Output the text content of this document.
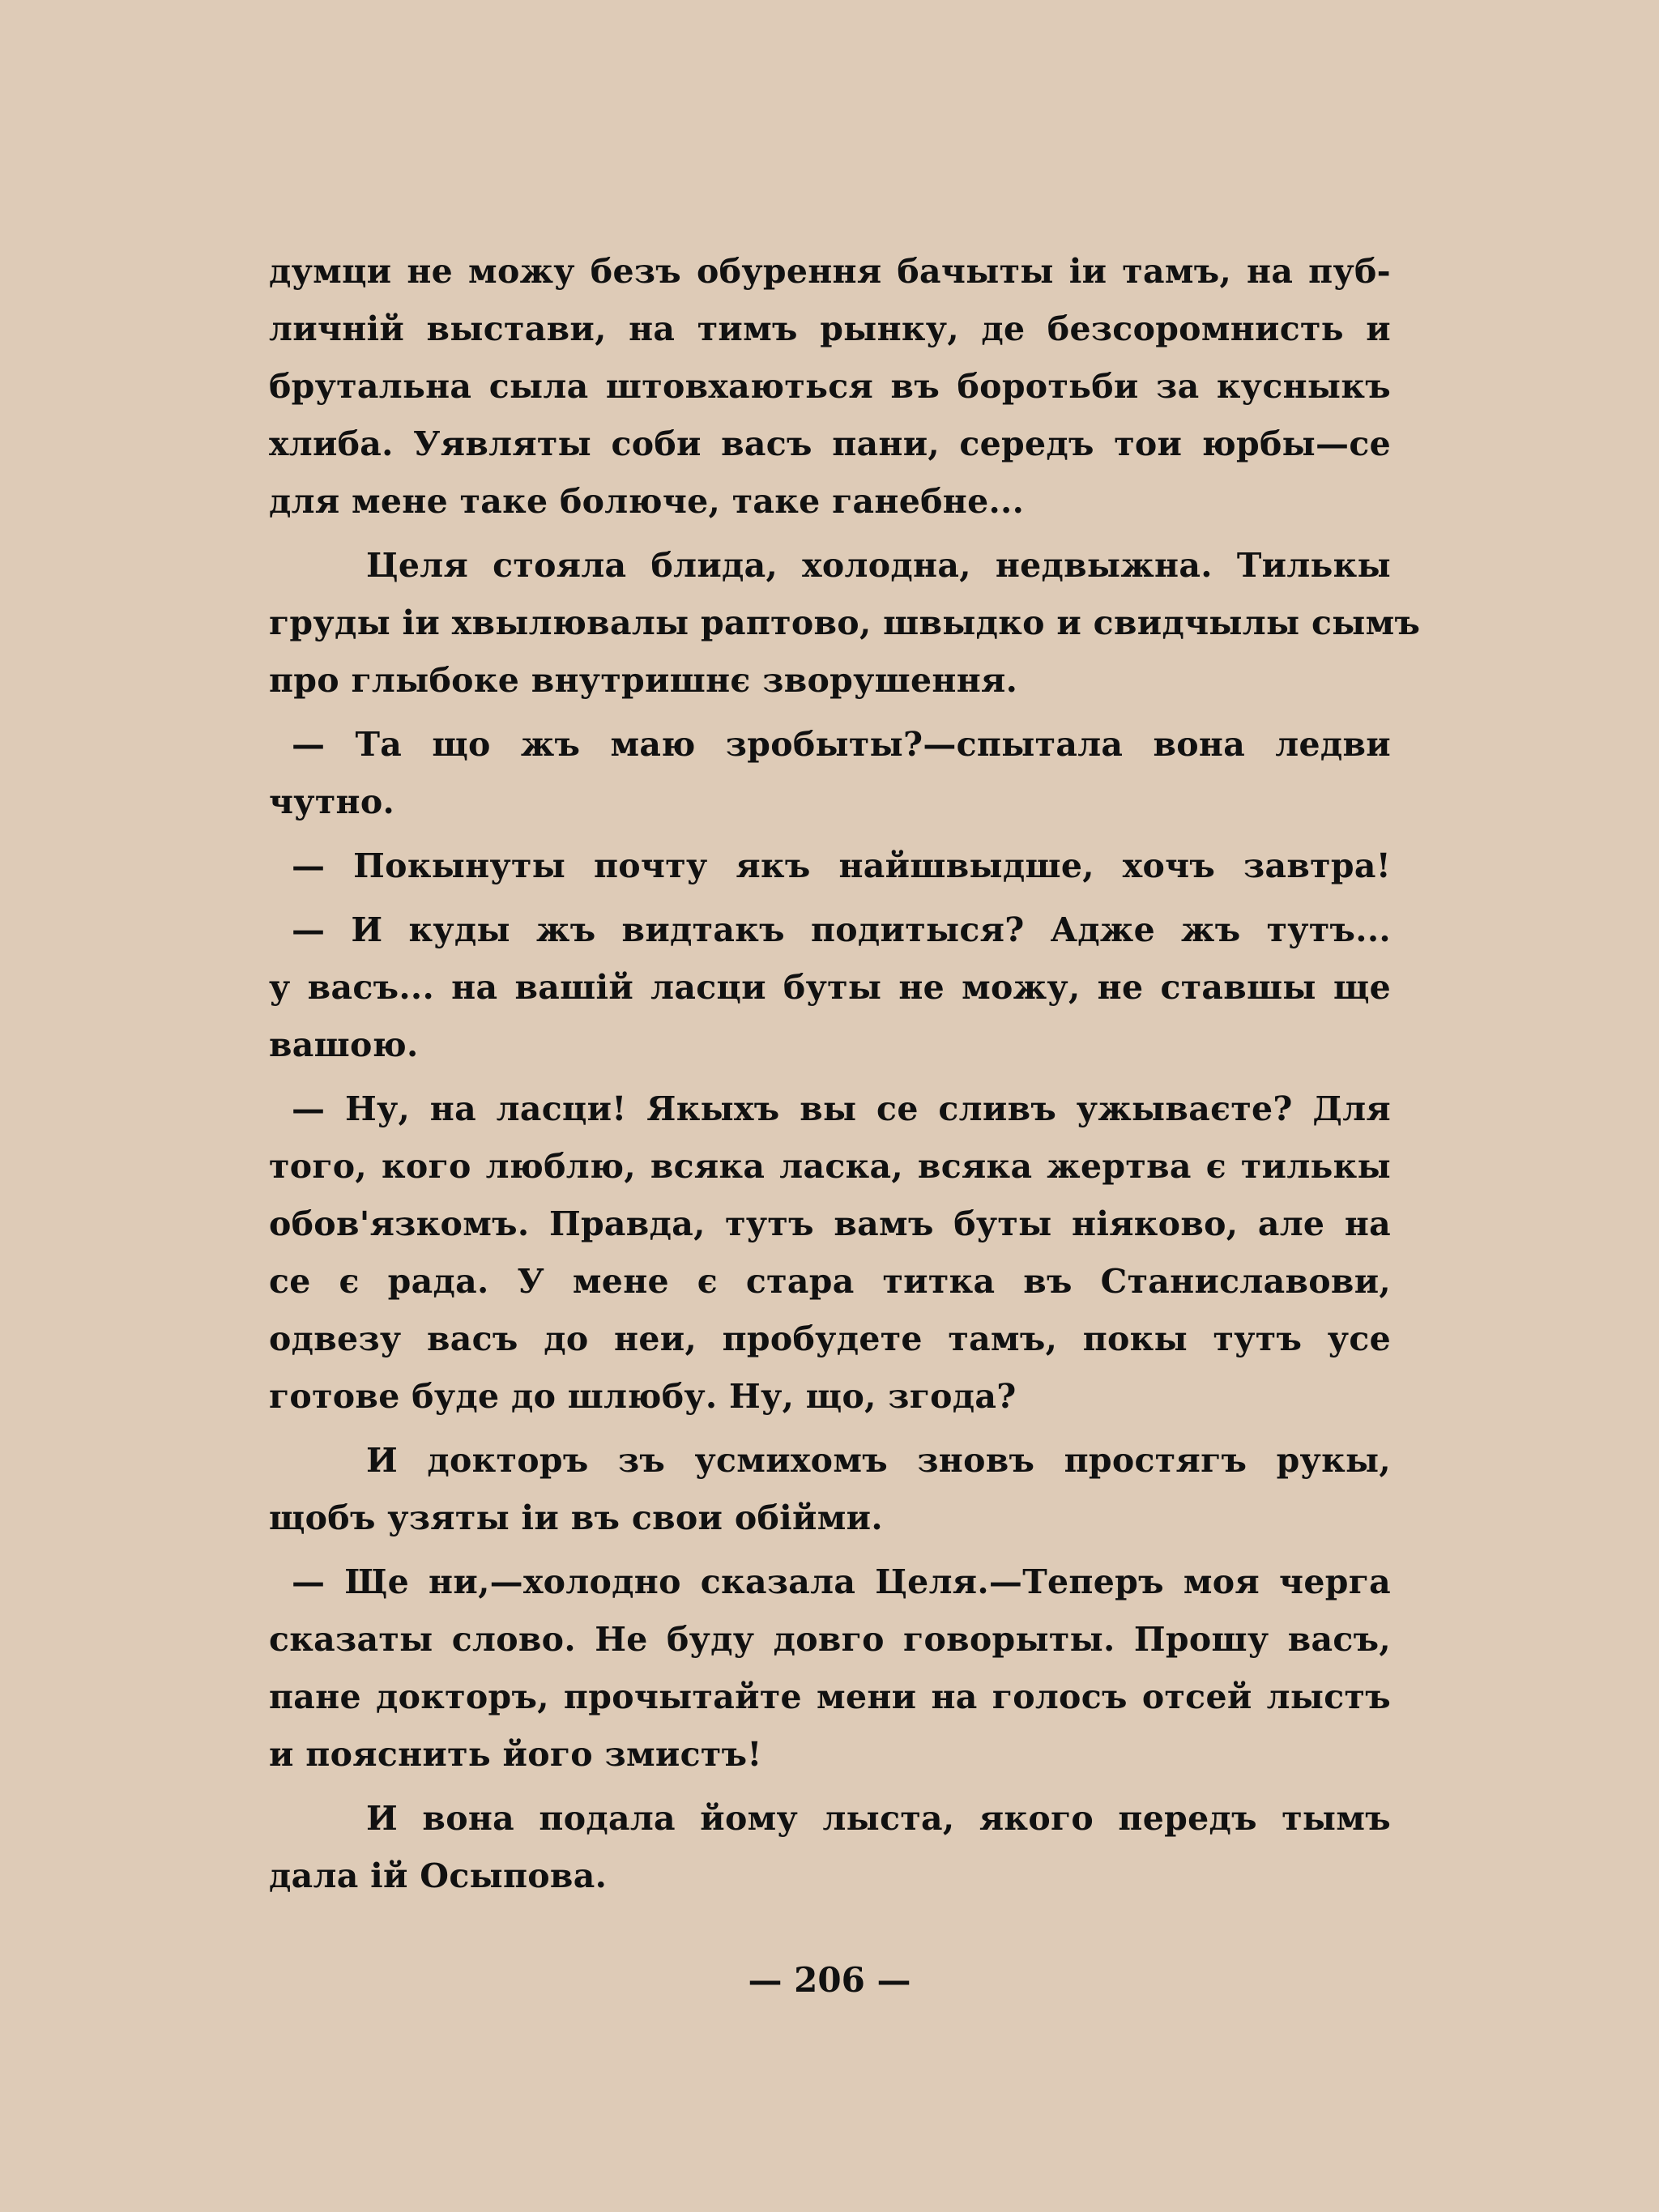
думци не можу безъ обурення бачыты іи тамъ, на пуб-
личній выстави, на тимъ рынку, де безсоромнисть и
брутальна сыла штовхаються въ боротьби за кусныкъ
хлиба. Уявляты соби васъ пани, середъ тои юрбы—се
для мене таке болюче, таке ганебне...
Целя стояла блида, холодна, недвыжна. Тилькы
груды іи хвылювалы раптово, швыдко и свидчылы сымъ
про глыбоке внутришнє зворушення.
— Та що жъ маю зробыты?—спытала вона ледви
чутно.
— Покынуты почту якъ найшвыдше, хочъ завтра!
— И куды жъ видтакъ подитыся? Адже жъ тутъ...
у васъ... на вашій ласци буты не можу, не ставшы ще
вашою.
— Ну, на ласци! Якыхъ вы се сливъ ужываєте? Для
того, кого люблю, всяка ласка, всяка жертва є тилькы
обов'язкомъ. Правда, тутъ вамъ буты ніяково, але на
се є рада. У мене є стара титка въ Станиславови,
одвезу васъ до неи, пробудете тамъ, покы тутъ усе
готове буде до шлюбу. Ну, що, згода?
И докторъ зъ усмихомъ зновъ простягъ рукы,
щобъ узяты іи въ свои обійми.
— Ще ни,—холодно сказала Целя.—Теперъ моя черга
сказаты слово. Не буду довго говорыты. Прошу васъ,
пане докторъ, прочытайте мени на голосъ отсей лыстъ
и пояснить його змистъ!
И вона подала йому лыста, якого передъ тымъ
дала ій Осыпова.
— 206 —
